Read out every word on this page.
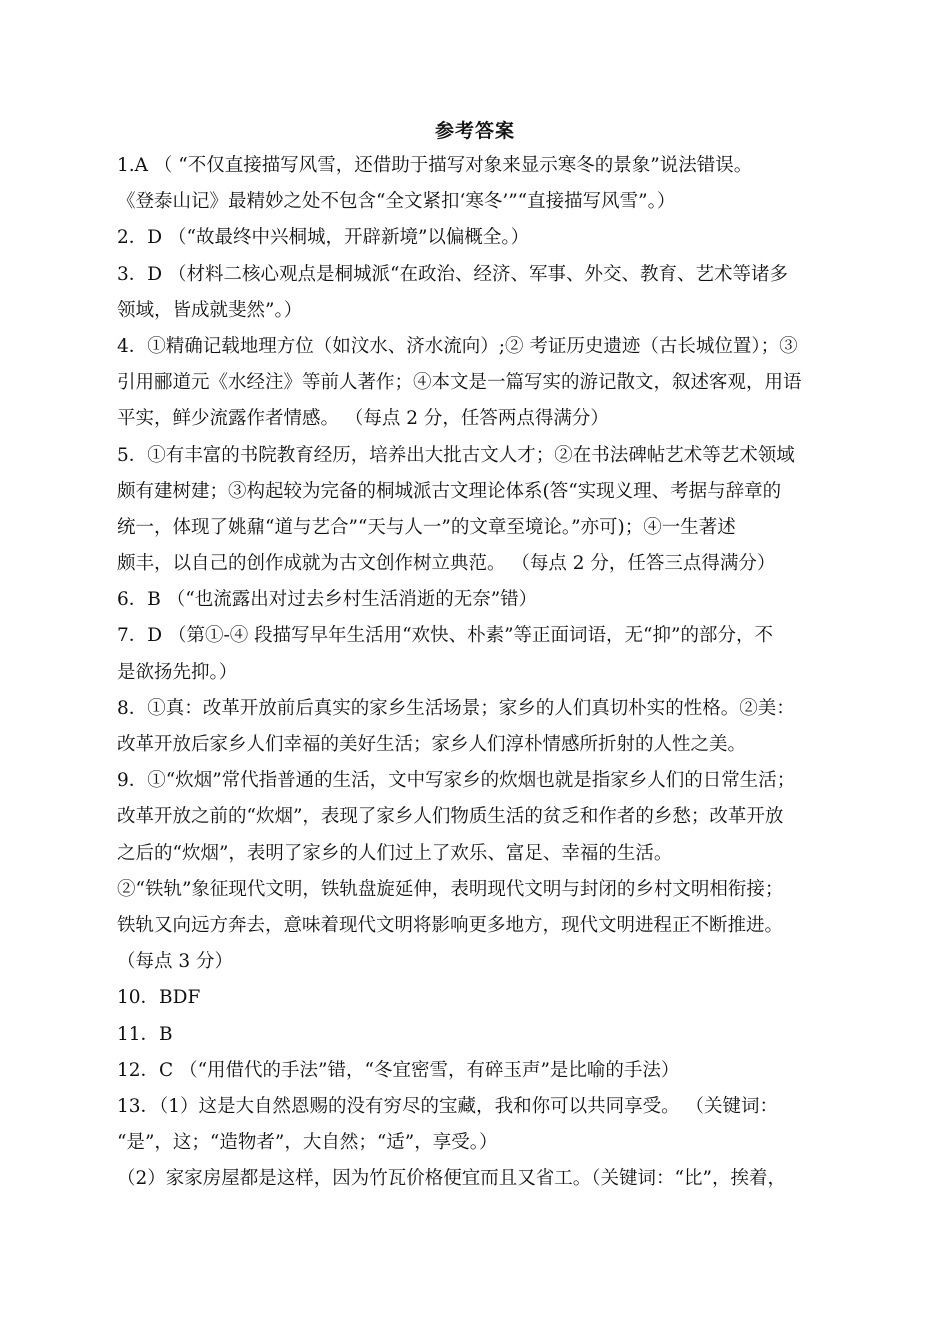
参考答案
1.A （ “不仅直接描写风雪，还借助于描写对象来显示寒冬的景象”说法错误。
《登泰山记》最精妙之处不包含“全文紧扣‘寒冬’”“直接描写风雪”。）
2．D （“故最终中兴桐城，开辟新境”以偏概全。）
3．D （材料二核心观点是桐城派“在政治、经济、军事、外交、教育、艺术等诸多
领域，皆成就斐然”。）
4．①精确记载地理方位（如汶水、济水流向）;② 考证历史遗迹（古长城位置）；③
引用郦道元《水经注》等前人著作；④本文是一篇写实的游记散文，叙述客观，用语
平实，鲜少流露作者情感。 （每点 2 分，任答两点得满分）
5．①有丰富的书院教育经历，培养出大批古文人才；②在书法碑帖艺术等艺术领域
颇有建树建；③构起较为完备的桐城派古文理论体系(答“实现义理、考据与辞章的
统一，体现了姚鼐“道与艺合”“天与人一”的文章至境论。”亦可)；④一生著述
颇丰，以自己的创作成就为古文创作树立典范。 （每点 2 分，任答三点得满分）
6．B （“也流露出对过去乡村生活消逝的无奈”错）
7．D （第①-④ 段描写早年生活用“欢快、朴素”等正面词语，无“抑”的部分，不
是欲扬先抑。）
8．①真：改革开放前后真实的家乡生活场景；家乡的人们真切朴实的性格。②美：
改革开放后家乡人们幸福的美好生活；家乡人们淳朴情感所折射的人性之美。
9．①“炊烟”常代指普通的生活，文中写家乡的炊烟也就是指家乡人们的日常生活；
改革开放之前的“炊烟”，表现了家乡人们物质生活的贫乏和作者的乡愁；改革开放
之后的“炊烟”，表明了家乡的人们过上了欢乐、富足、幸福的生活。
②“铁轨”象征现代文明，铁轨盘旋延伸，表明现代文明与封闭的乡村文明相衔接；
铁轨又向远方奔去，意味着现代文明将影响更多地方，现代文明进程正不断推进。
（每点 3 分）
10．BDF
11．B
12．C （“用借代的手法”错，“冬宜密雪，有碎玉声”是比喻的手法）
13．（1）这是大自然恩赐的没有穷尽的宝藏，我和你可以共同享受。 （关键词：
“是”，这；“造物者”，大自然；“适”，享受。）
（2）家家房屋都是这样，因为竹瓦价格便宜而且又省工。（关键词：“比”，挨着，
